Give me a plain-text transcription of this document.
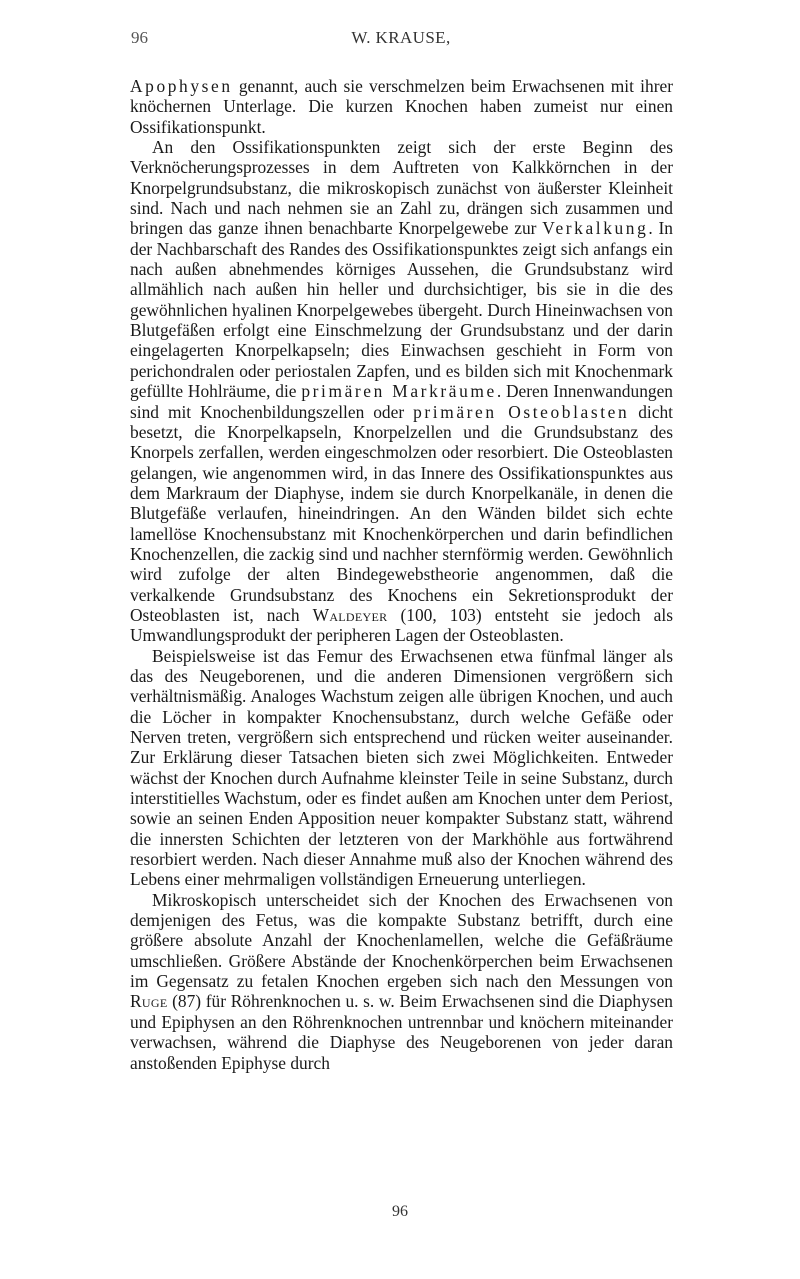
96	W. KRAUSE,

Apophysen genannt, auch sie verschmelzen beim Erwachsenen mit ihrer knöchernen Unterlage. Die kurzen Knochen haben zumeist nur einen Ossifikationspunkt.

An den Ossifikationspunkten zeigt sich der erste Beginn des Verknöcherungsprozesses in dem Auftreten von Kalkkörnchen in der Knorpelgrundsubstanz, die mikroskopisch zunächst von äußerster Kleinheit sind. Nach und nach nehmen sie an Zahl zu, drängen sich zusammen und bringen das ganze ihnen benachbarte Knorpelgewebe zur Verkalkung. In der Nachbarschaft des Randes des Ossifikationspunktes zeigt sich anfangs ein nach außen abnehmendes körniges Aussehen, die Grundsubstanz wird allmählich nach außen hin heller und durchsichtiger, bis sie in die des gewöhnlichen hyalinen Knorpelgewebes übergeht. Durch Hineinwachsen von Blutgefäßen erfolgt eine Einschmelzung der Grundsubstanz und der darin eingelagerten Knorpelkapseln; dies Einwachsen geschieht in Form von perichondralen oder periostalen Zapfen, und es bilden sich mit Knochenmark gefüllte Hohlräume, die primären Markräume. Deren Innenwandungen sind mit Knochenbildungszellen oder primären Osteoblasten dicht besetzt, die Knorpelkapseln, Knorpelzellen und die Grundsubstanz des Knorpels zerfallen, werden eingeschmolzen oder resorbiert. Die Osteoblasten gelangen, wie angenommen wird, in das Innere des Ossifikationspunktes aus dem Markraum der Diaphyse, indem sie durch Knorpelkanäle, in denen die Blutgefäße verlaufen, hineindringen. An den Wänden bildet sich echte lamellöse Knochensubstanz mit Knochenkörperchen und darin befindlichen Knochenzellen, die zackig sind und nachher sternförmig werden. Gewöhnlich wird zufolge der alten Bindegewebstheorie angenommen, daß die verkalkende Grundsubstanz des Knochens ein Sekretionsprodukt der Osteoblasten ist, nach Waldeyer (100, 103) entsteht sie jedoch als Umwandlungsprodukt der peripheren Lagen der Osteoblasten.

Beispielsweise ist das Femur des Erwachsenen etwa fünfmal länger als das des Neugeborenen, und die anderen Dimensionen vergrößern sich verhältnismäßig. Analoges Wachstum zeigen alle übrigen Knochen, und auch die Löcher in kompakter Knochensubstanz, durch welche Gefäße oder Nerven treten, vergrößern sich entsprechend und rücken weiter auseinander. Zur Erklärung dieser Tatsachen bieten sich zwei Möglichkeiten. Entweder wächst der Knochen durch Aufnahme kleinster Teile in seine Substanz, durch interstitielles Wachstum, oder es findet außen am Knochen unter dem Periost, sowie an seinen Enden Apposition neuer kompakter Substanz statt, während die innersten Schichten der letzteren von der Markhöhle aus fortwährend resorbiert werden. Nach dieser Annahme muß also der Knochen während des Lebens einer mehrmaligen vollständigen Erneuerung unterliegen.

Mikroskopisch unterscheidet sich der Knochen des Erwachsenen von demjenigen des Fetus, was die kompakte Substanz betrifft, durch eine größere absolute Anzahl der Knochenlamellen, welche die Gefäßräume umschließen. Größere Abstände der Knochenkörperchen beim Erwachsenen im Gegensatz zu fetalen Knochen ergeben sich nach den Messungen von Ruge (87) für Röhrenknochen u. s. w. Beim Erwachsenen sind die Diaphysen und Epiphysen an den Röhrenknochen untrennbar und knöchern miteinander verwachsen, während die Diaphyse des Neugeborenen von jeder daran anstoßenden Epiphyse durch

96
